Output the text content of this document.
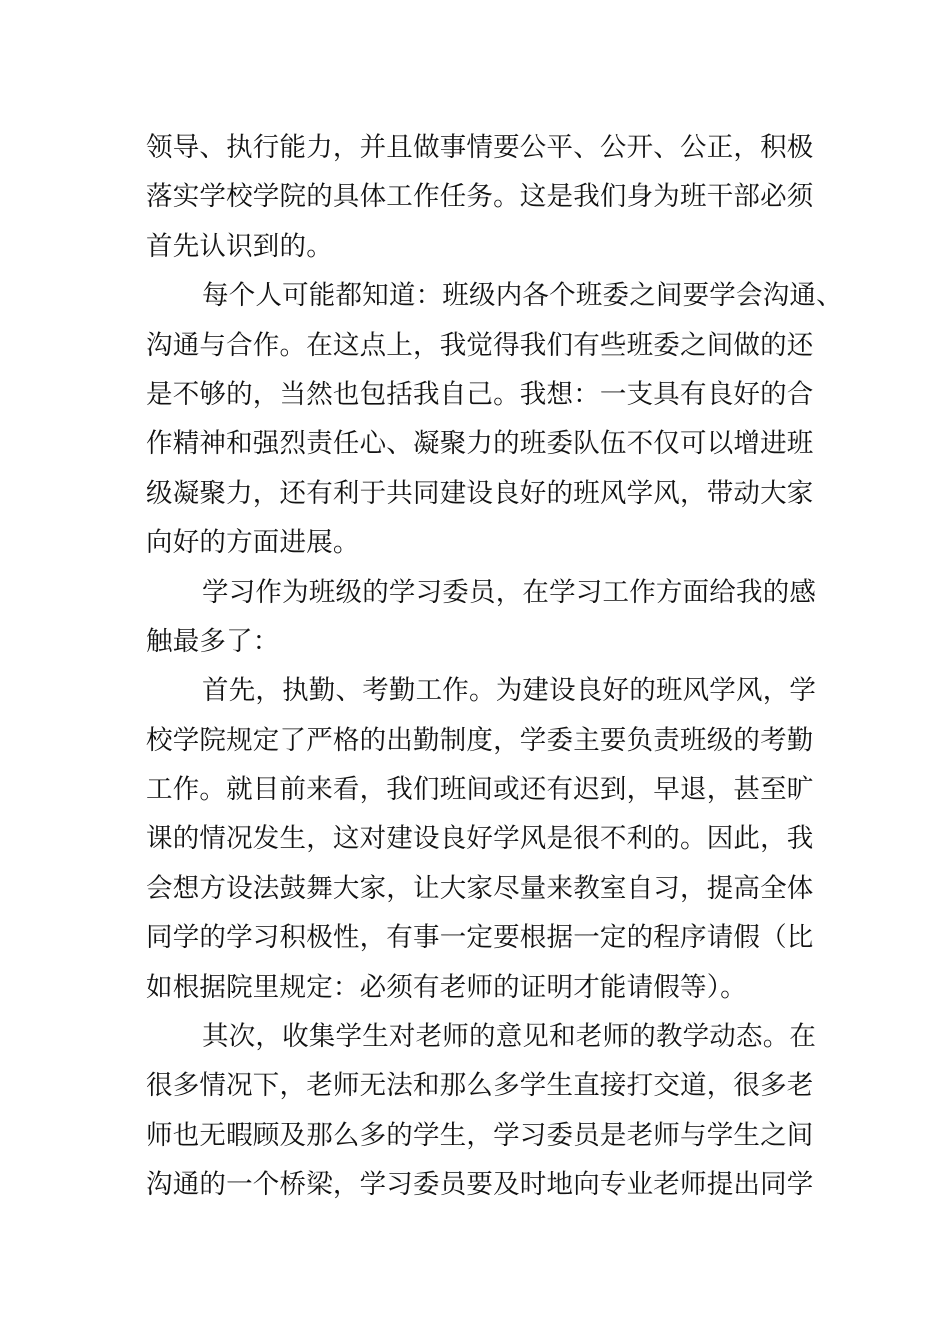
领导、执行能力，并且做事情要公平、公开、公正，积极
落实学校学院的具体工作任务。这是我们身为班干部必须
首先认识到的。
每个人可能都知道：班级内各个班委之间要学会沟通、
沟通与合作。在这点上，我觉得我们有些班委之间做的还
是不够的，当然也包括我自己。我想：一支具有良好的合
作精神和强烈责任心、凝聚力的班委队伍不仅可以增进班
级凝聚力，还有利于共同建设良好的班风学风，带动大家
向好的方面进展。
学习作为班级的学习委员，在学习工作方面给我的感
触最多了：
首先，执勤、考勤工作。为建设良好的班风学风，学
校学院规定了严格的出勤制度，学委主要负责班级的考勤
工作。就目前来看，我们班间或还有迟到，早退，甚至旷
课的情况发生，这对建设良好学风是很不利的。因此，我
会想方设法鼓舞大家，让大家尽量来教室自习，提高全体
同学的学习积极性，有事一定要根据一定的程序请假（比
如根据院里规定：必须有老师的证明才能请假等）。
其次，收集学生对老师的意见和老师的教学动态。在
很多情况下，老师无法和那么多学生直接打交道，很多老
师也无暇顾及那么多的学生，学习委员是老师与学生之间
沟通的一个桥梁，学习委员要及时地向专业老师提出同学
